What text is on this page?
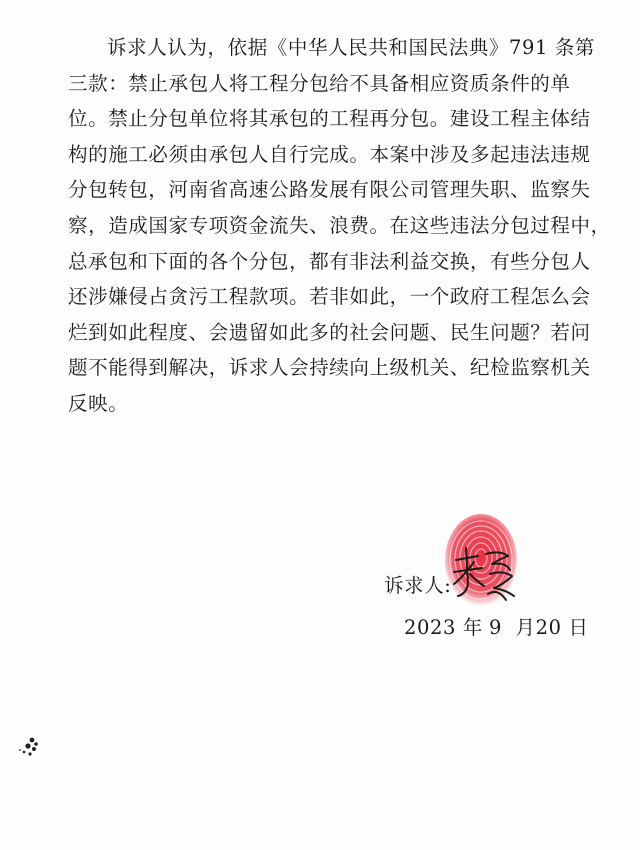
诉求人认为，依据《中华人民共和国民法典》791 条第
三款：禁止承包人将工程分包给不具备相应资质条件的单
位。禁止分包单位将其承包的工程再分包。建设工程主体结
构的施工必须由承包人自行完成。本案中涉及多起违法违规
分包转包，河南省高速公路发展有限公司管理失职、监察失
察，造成国家专项资金流失、浪费。在这些违法分包过程中，
总承包和下面的各个分包，都有非法利益交换，有些分包人
还涉嫌侵占贪污工程款项。若非如此，一个政府工程怎么会
烂到如此程度、会遗留如此多的社会问题、民生问题？若问
题不能得到解决，诉求人会持续向上级机关、纪检监察机关
反映。
诉求人:
2023 年 9  月20 日
